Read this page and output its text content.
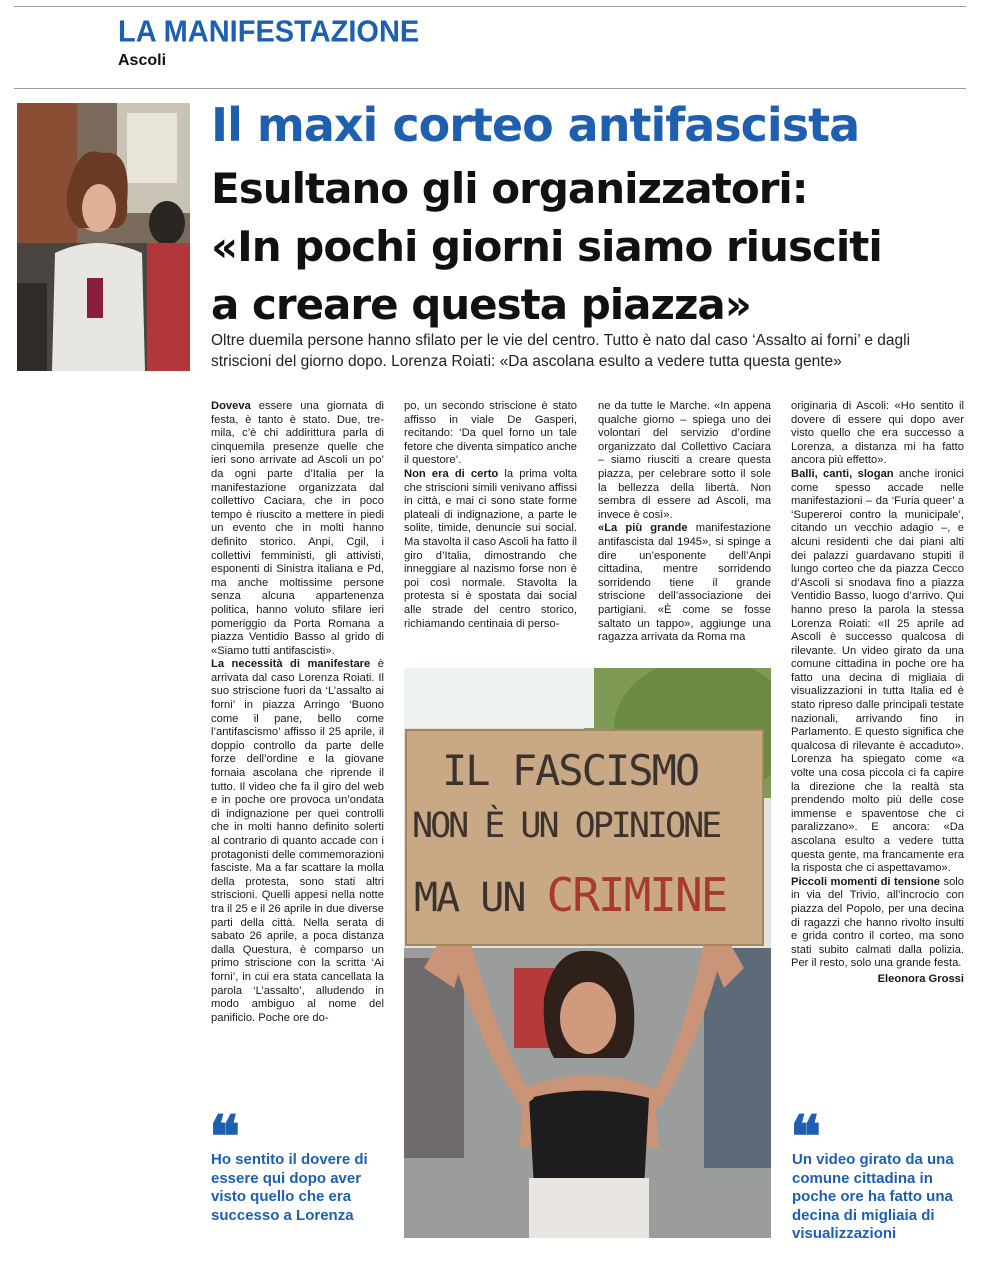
LA MANIFESTAZIONE
Ascoli
Il maxi corteo antifascista
Esultano gli organizzatori:
«In pochi giorni siamo riusciti
a creare questa piazza»
Oltre duemila persone hanno sfilato per le vie del centro. Tutto è nato dal caso ‘Assalto ai forni’ e dagli striscioni del giorno dopo. Lorenza Roiati: «Da ascolana esulto a vedere tutta questa gente»
Doveva essere una giornata di festa, è tanto è stato. Due, tre-mila, c’è chi addirittura parla di cinquemila presenze quelle che ieri sono arrivate ad Ascoli un po’ da ogni parte d’Italia per la manifestazione organizzata dal collettivo Caciara, che in poco tempo è riuscito a mettere in piedi un evento che in molti hanno definito storico. Anpi, Cgil, i collettivi femministi, gli attivisti, esponenti di Sinistra italiana e Pd, ma anche moltissime persone senza alcuna appartenenza politica, hanno voluto sfilare ieri pomeriggio da Porta Romana a piazza Ventidio Basso al grido di «Siamo tutti antifascisti».
La necessità di manifestare è arrivata dal caso Lorenza Roiati. Il suo striscione fuori da ‘L’assalto ai forni’ in piazza Arringo ‘Buono come il pane, bello come l’antifascismo’ affisso il 25 aprile, il doppio controllo da parte delle forze dell’ordine e la giovane fornaia ascolana che riprende il tutto. Il video che fa il giro del web e in poche ore provoca un’ondata di indignazione per quei controlli che in molti hanno definito solerti al contrario di quanto accade con i protagonisti delle commemorazioni fasciste. Ma a far scattare la molla della protesta, sono stati altri striscioni. Quelli appesi nella notte tra il 25 e il 26 aprile in due diverse parti della città. Nella serata di sabato 26 aprile, a poca distanza dalla Questura, è comparso un primo striscione con la scritta ‘Ai forni’, in cui era stata cancellata la parola ‘L’assalto’, alludendo in modo ambiguo al nome del panificio. Poche ore do-
po, un secondo striscione è stato affisso in viale De Gasperi, recitando: ‘Da quel forno un tale fetore che diventa simpatico anche il questore’.
Non era di certo la prima volta che striscioni simili venivano affissi in città, e mai ci sono state forme plateali di indignazione, a parte le solite, timide, denuncie sui social. Ma stavolta il caso Ascoli ha fatto il giro d’Italia, dimostrando che inneggiare al nazismo forse non è poi così normale. Stavolta la protesta si è spostata dai social alle strade del centro storico, richiamando centinaia di perso-
ne da tutte le Marche. «In appena qualche giorno – spiega uno dei volontari del servizio d’ordine organizzato dal Collettivo Caciara – siamo riusciti a creare questa piazza, per celebrare sotto il sole la bellezza della libertà. Non sembra di essere ad Ascoli, ma invece è così».
«La più grande manifestazione antifascista dal 1945», si spinge a dire un’esponente dell’Anpi cittadina, mentre sorridendo sorridendo tiene il grande striscione dell’associazione dei partigiani. «È come se fosse saltato un tappo», aggiunge una ragazza arrivata da Roma ma
originaria di Ascoli: «Ho sentito il dovere di essere qui dopo aver visto quello che era successo a Lorenza, a distanza mi ha fatto ancora più effetto».
Balli, canti, slogan anche ironici come spesso accade nelle manifestazioni – da ‘Furia queer’ a ‘Supereroi contro la municipale’, citando un vecchio adagio –, e alcuni residenti che dai piani alti dei palazzi guardavano stupiti il lungo corteo che da piazza Cecco d’Ascoli si snodava fino a piazza Ventidio Basso, luogo d’arrivo. Qui hanno preso la parola la stessa Lorenza Roiati: «Il 25 aprile ad Ascoli è successo qualcosa di rilevante. Un video girato da una comune cittadina in poche ore ha fatto una decina di migliaia di visualizzazioni in tutta Italia ed è stato ripreso dalle principali testate nazionali, arrivando fino in Parlamento. E questo significa che qualcosa di rilevante è accaduto». Lorenza ha spiegato come «a volte una cosa piccola ci fa capire la direzione che la realtà sta prendendo molto più delle cose immense e spaventose che ci paralizzano». E ancora: «Da ascolana esulto a vedere tutta questa gente, ma francamente era la risposta che ci aspettavamo».
Piccoli momenti di tensione solo in via del Trivio, all’incrocio con piazza del Popolo, per una decina di ragazzi che hanno rivolto insulti e grida contro il corteo, ma sono stati subito calmati dalla polizia. Per il resto, solo una grande festa.
Eleonora Grossi
IL FASCISMO
NON È UN OPINIONE
MA UN CRIMINE
❝
Ho sentito il dovere di essere qui dopo aver visto quello che era successo a Lorenza
❝
Un video girato da una comune cittadina in poche ore ha fatto una decina di migliaia di visualizzazioni
